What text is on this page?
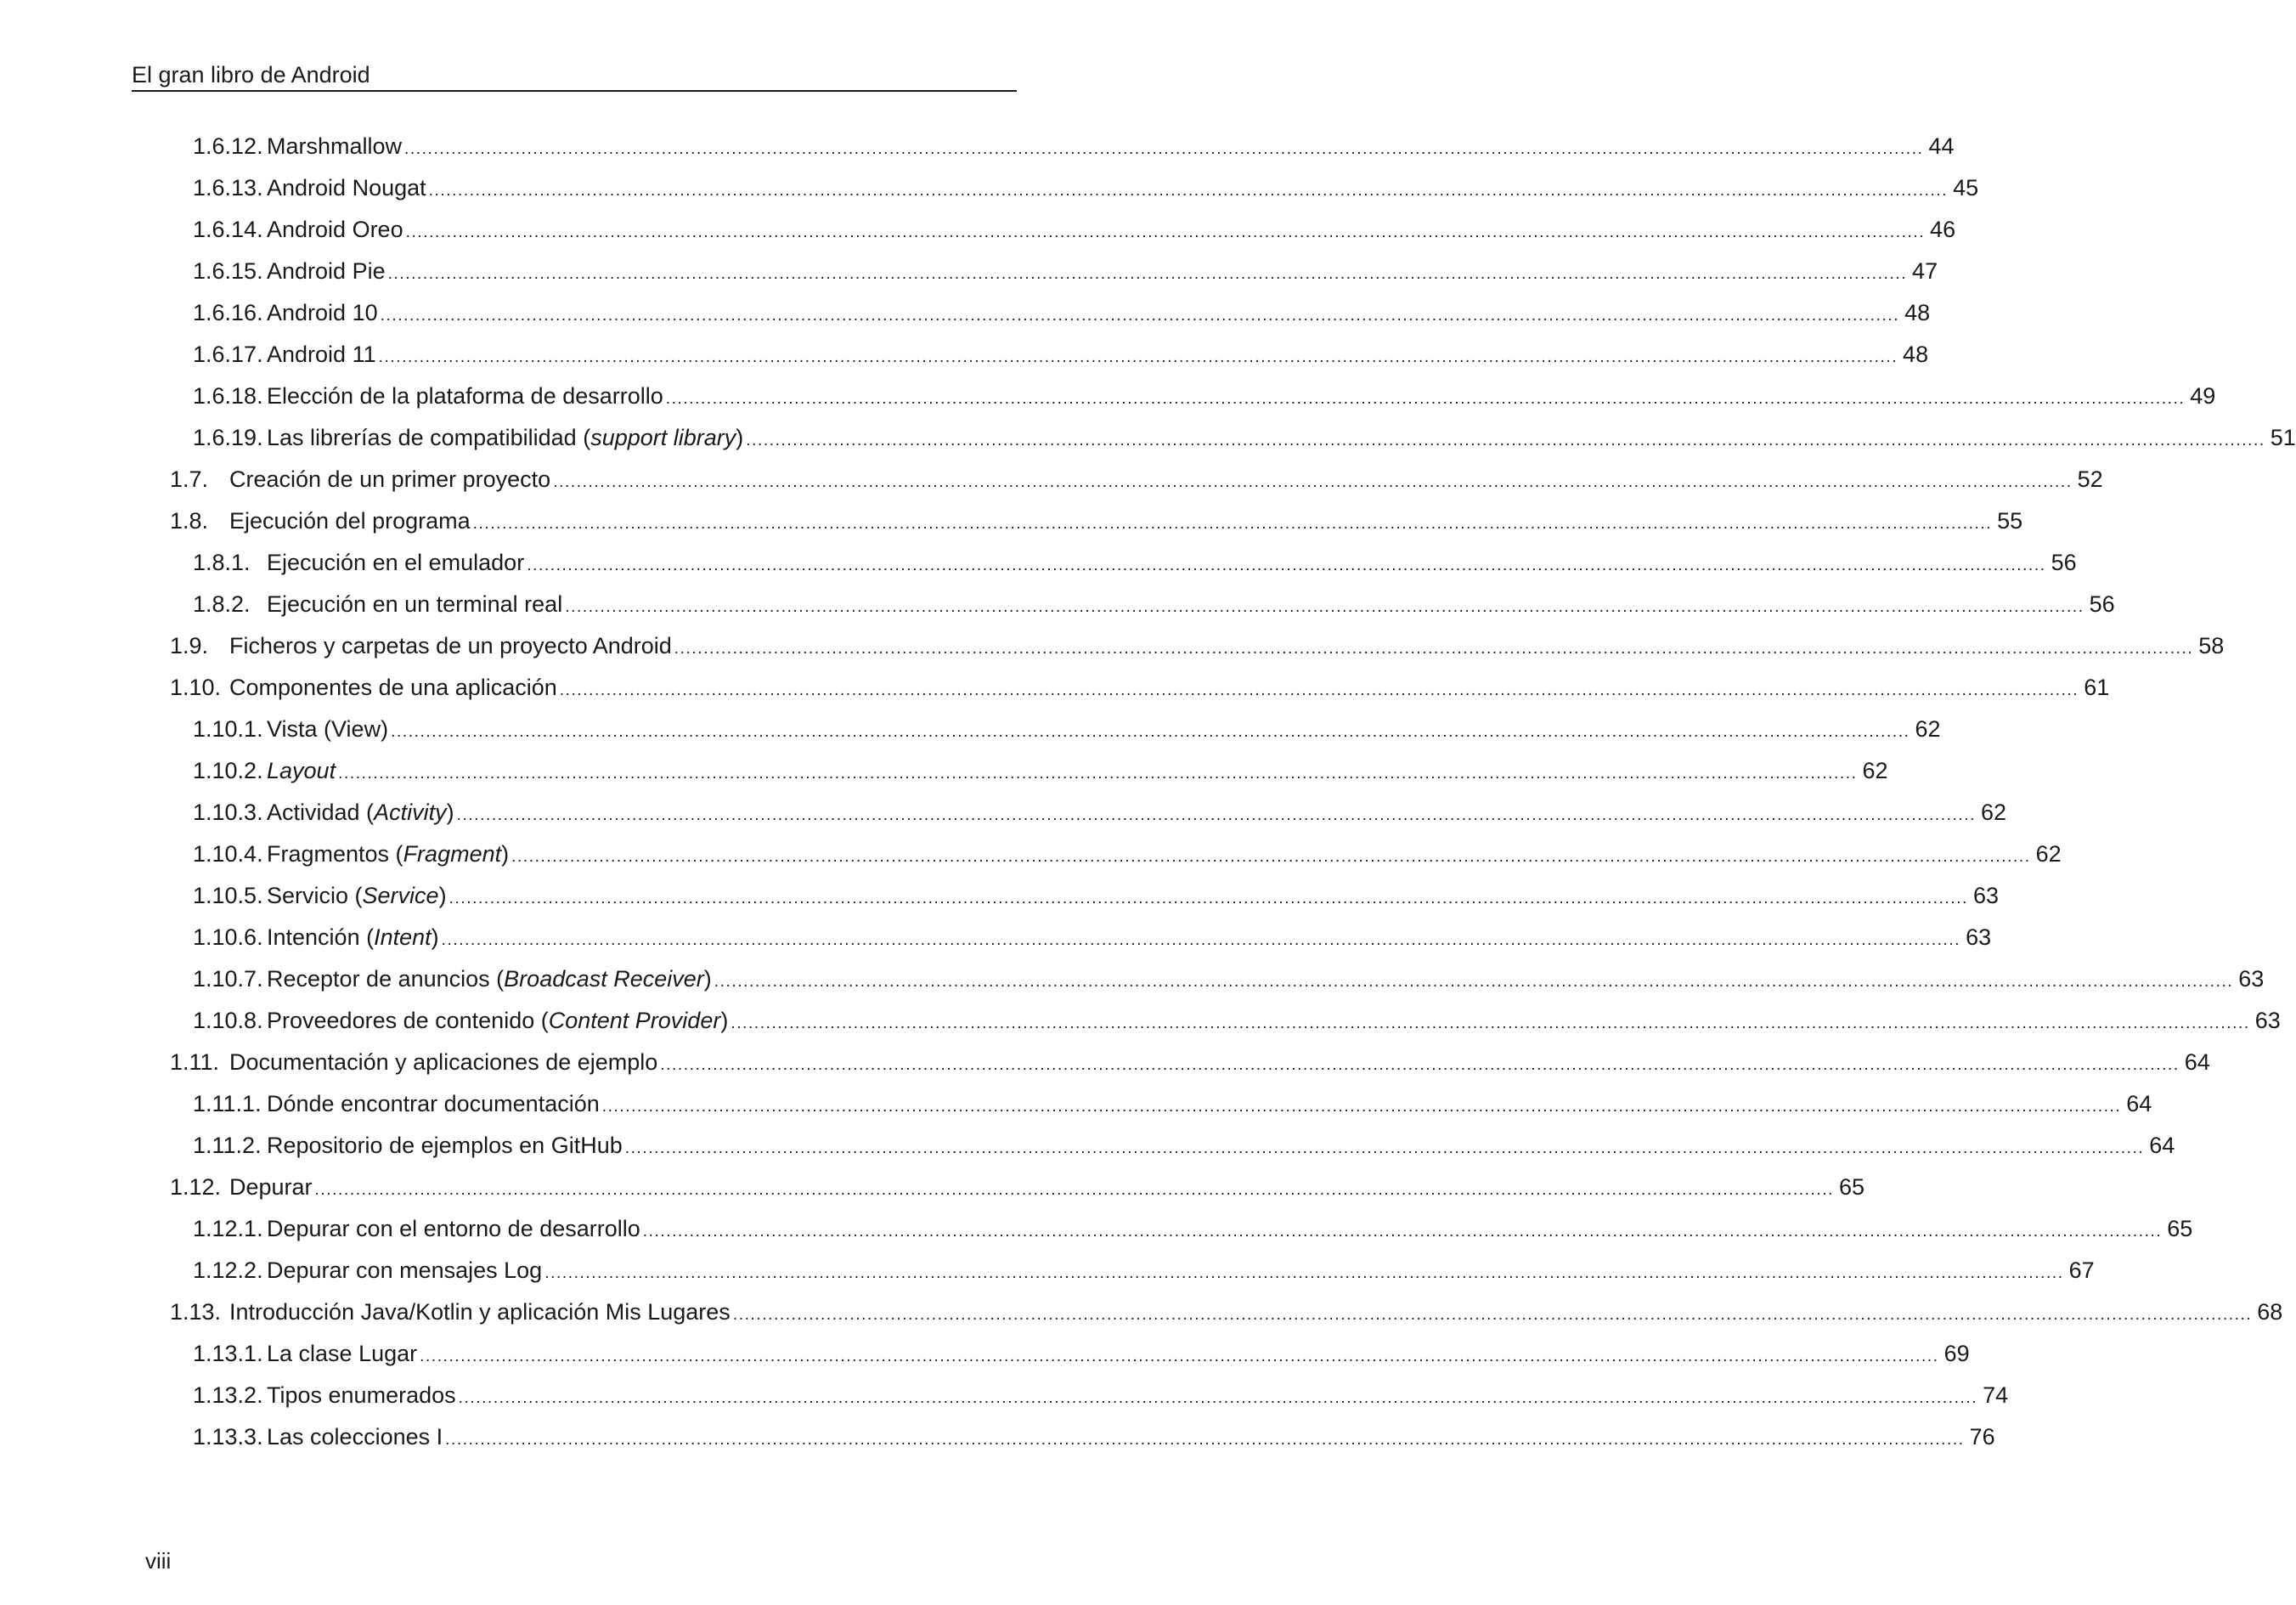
El gran libro de Android
1.6.12. Marshmallow .................................................................................................................................................................................................................................................................... 44
1.6.13. Android Nougat .................................................................................................................................................................................................................................................................... 45
1.6.14. Android Oreo .................................................................................................................................................................................................................................................................... 46
1.6.15. Android Pie .................................................................................................................................................................................................................................................................... 47
1.6.16. Android 10 .................................................................................................................................................................................................................................................................... 48
1.6.17. Android 11 .................................................................................................................................................................................................................................................................... 48
1.6.18. Elección de la plataforma de desarrollo .................................................................................................................................................................................................................................................................... 49
1.6.19. Las librerías de compatibilidad (support library) .................................................................................................................................................................................................................................................................... 51
1.7. Creación de un primer proyecto .................................................................................................................................................................................................................................................................... 52
1.8. Ejecución del programa .................................................................................................................................................................................................................................................................... 55
1.8.1. Ejecución en el emulador .................................................................................................................................................................................................................................................................... 56
1.8.2. Ejecución en un terminal real .................................................................................................................................................................................................................................................................... 56
1.9. Ficheros y carpetas de un proyecto Android .................................................................................................................................................................................................................................................................... 58
1.10. Componentes de una aplicación .................................................................................................................................................................................................................................................................... 61
1.10.1. Vista (View) .................................................................................................................................................................................................................................................................... 62
1.10.2. Layout .................................................................................................................................................................................................................................................................... 62
1.10.3. Actividad (Activity) .................................................................................................................................................................................................................................................................... 62
1.10.4. Fragmentos (Fragment) .................................................................................................................................................................................................................................................................... 62
1.10.5. Servicio (Service) .................................................................................................................................................................................................................................................................... 63
1.10.6. Intención (Intent) .................................................................................................................................................................................................................................................................... 63
1.10.7. Receptor de anuncios (Broadcast Receiver) .................................................................................................................................................................................................................................................................... 63
1.10.8. Proveedores de contenido (Content Provider) .................................................................................................................................................................................................................................................................... 63
1.11. Documentación y aplicaciones de ejemplo .................................................................................................................................................................................................................................................................... 64
1.11.1. Dónde encontrar documentación .................................................................................................................................................................................................................................................................... 64
1.11.2. Repositorio de ejemplos en GitHub .................................................................................................................................................................................................................................................................... 64
1.12. Depurar .................................................................................................................................................................................................................................................................... 65
1.12.1. Depurar con el entorno de desarrollo .................................................................................................................................................................................................................................................................... 65
1.12.2. Depurar con mensajes Log .................................................................................................................................................................................................................................................................... 67
1.13. Introducción Java/Kotlin y aplicación Mis Lugares .................................................................................................................................................................................................................................................................... 68
1.13.1. La clase Lugar .................................................................................................................................................................................................................................................................... 69
1.13.2. Tipos enumerados .................................................................................................................................................................................................................................................................... 74
1.13.3. Las colecciones I .................................................................................................................................................................................................................................................................... 76
viii
